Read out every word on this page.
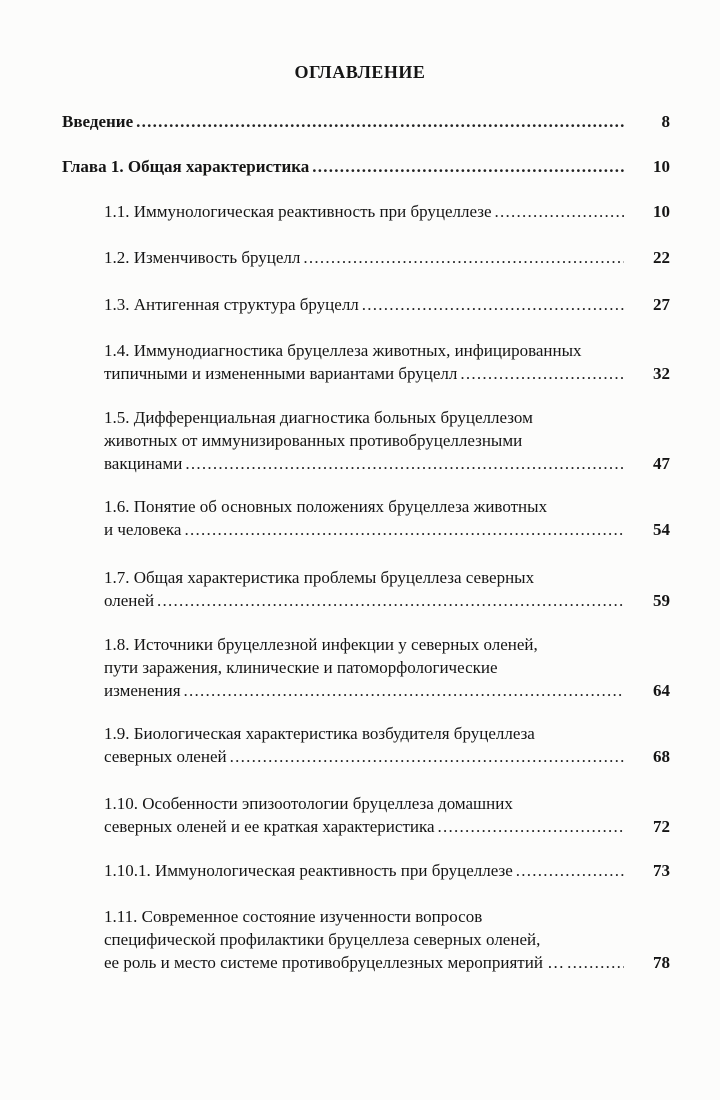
ОГЛАВЛЕНИЕ
Введение . . .	8
Глава 1. Общая характеристика . . .	10
1.1. Иммунологическая реактивность при бруцеллезе . . .	10
1.2. Изменчивость бруцелл . . .	22
1.3. Антигенная структура бруцелл . . .	27
1.4. Иммунодиагностика бруцеллеза животных, инфицированных
типичными и измененными вариантами бруцелл . . .	32
1.5. Дифференциальная диагностика больных бруцеллезом
животных от иммунизированных противобруцеллезными
вакцинами . . .	47
1.6. Понятие об основных положениях бруцеллеза животных
и человека . . .	54
1.7. Общая характеристика проблемы бруцеллеза северных
оленей . . .	59
1.8. Источники бруцеллезной инфекции у северных оленей,
пути заражения, клинические и патоморфологические
изменения . . .	64
1.9. Биологическая характеристика возбудителя бруцеллеза
северных оленей . . .	68
1.10. Особенности эпизоотологии бруцеллеза домашних
северных оленей и ее краткая характеристика . . .	72
1.10.1. Иммунологическая реактивность при бруцеллезе . . .	73
1.11. Современное состояние изученности вопросов
специфической профилактики бруцеллеза северных оленей,
ее роль и место системе противобруцеллезных мероприятий … . . .	78
